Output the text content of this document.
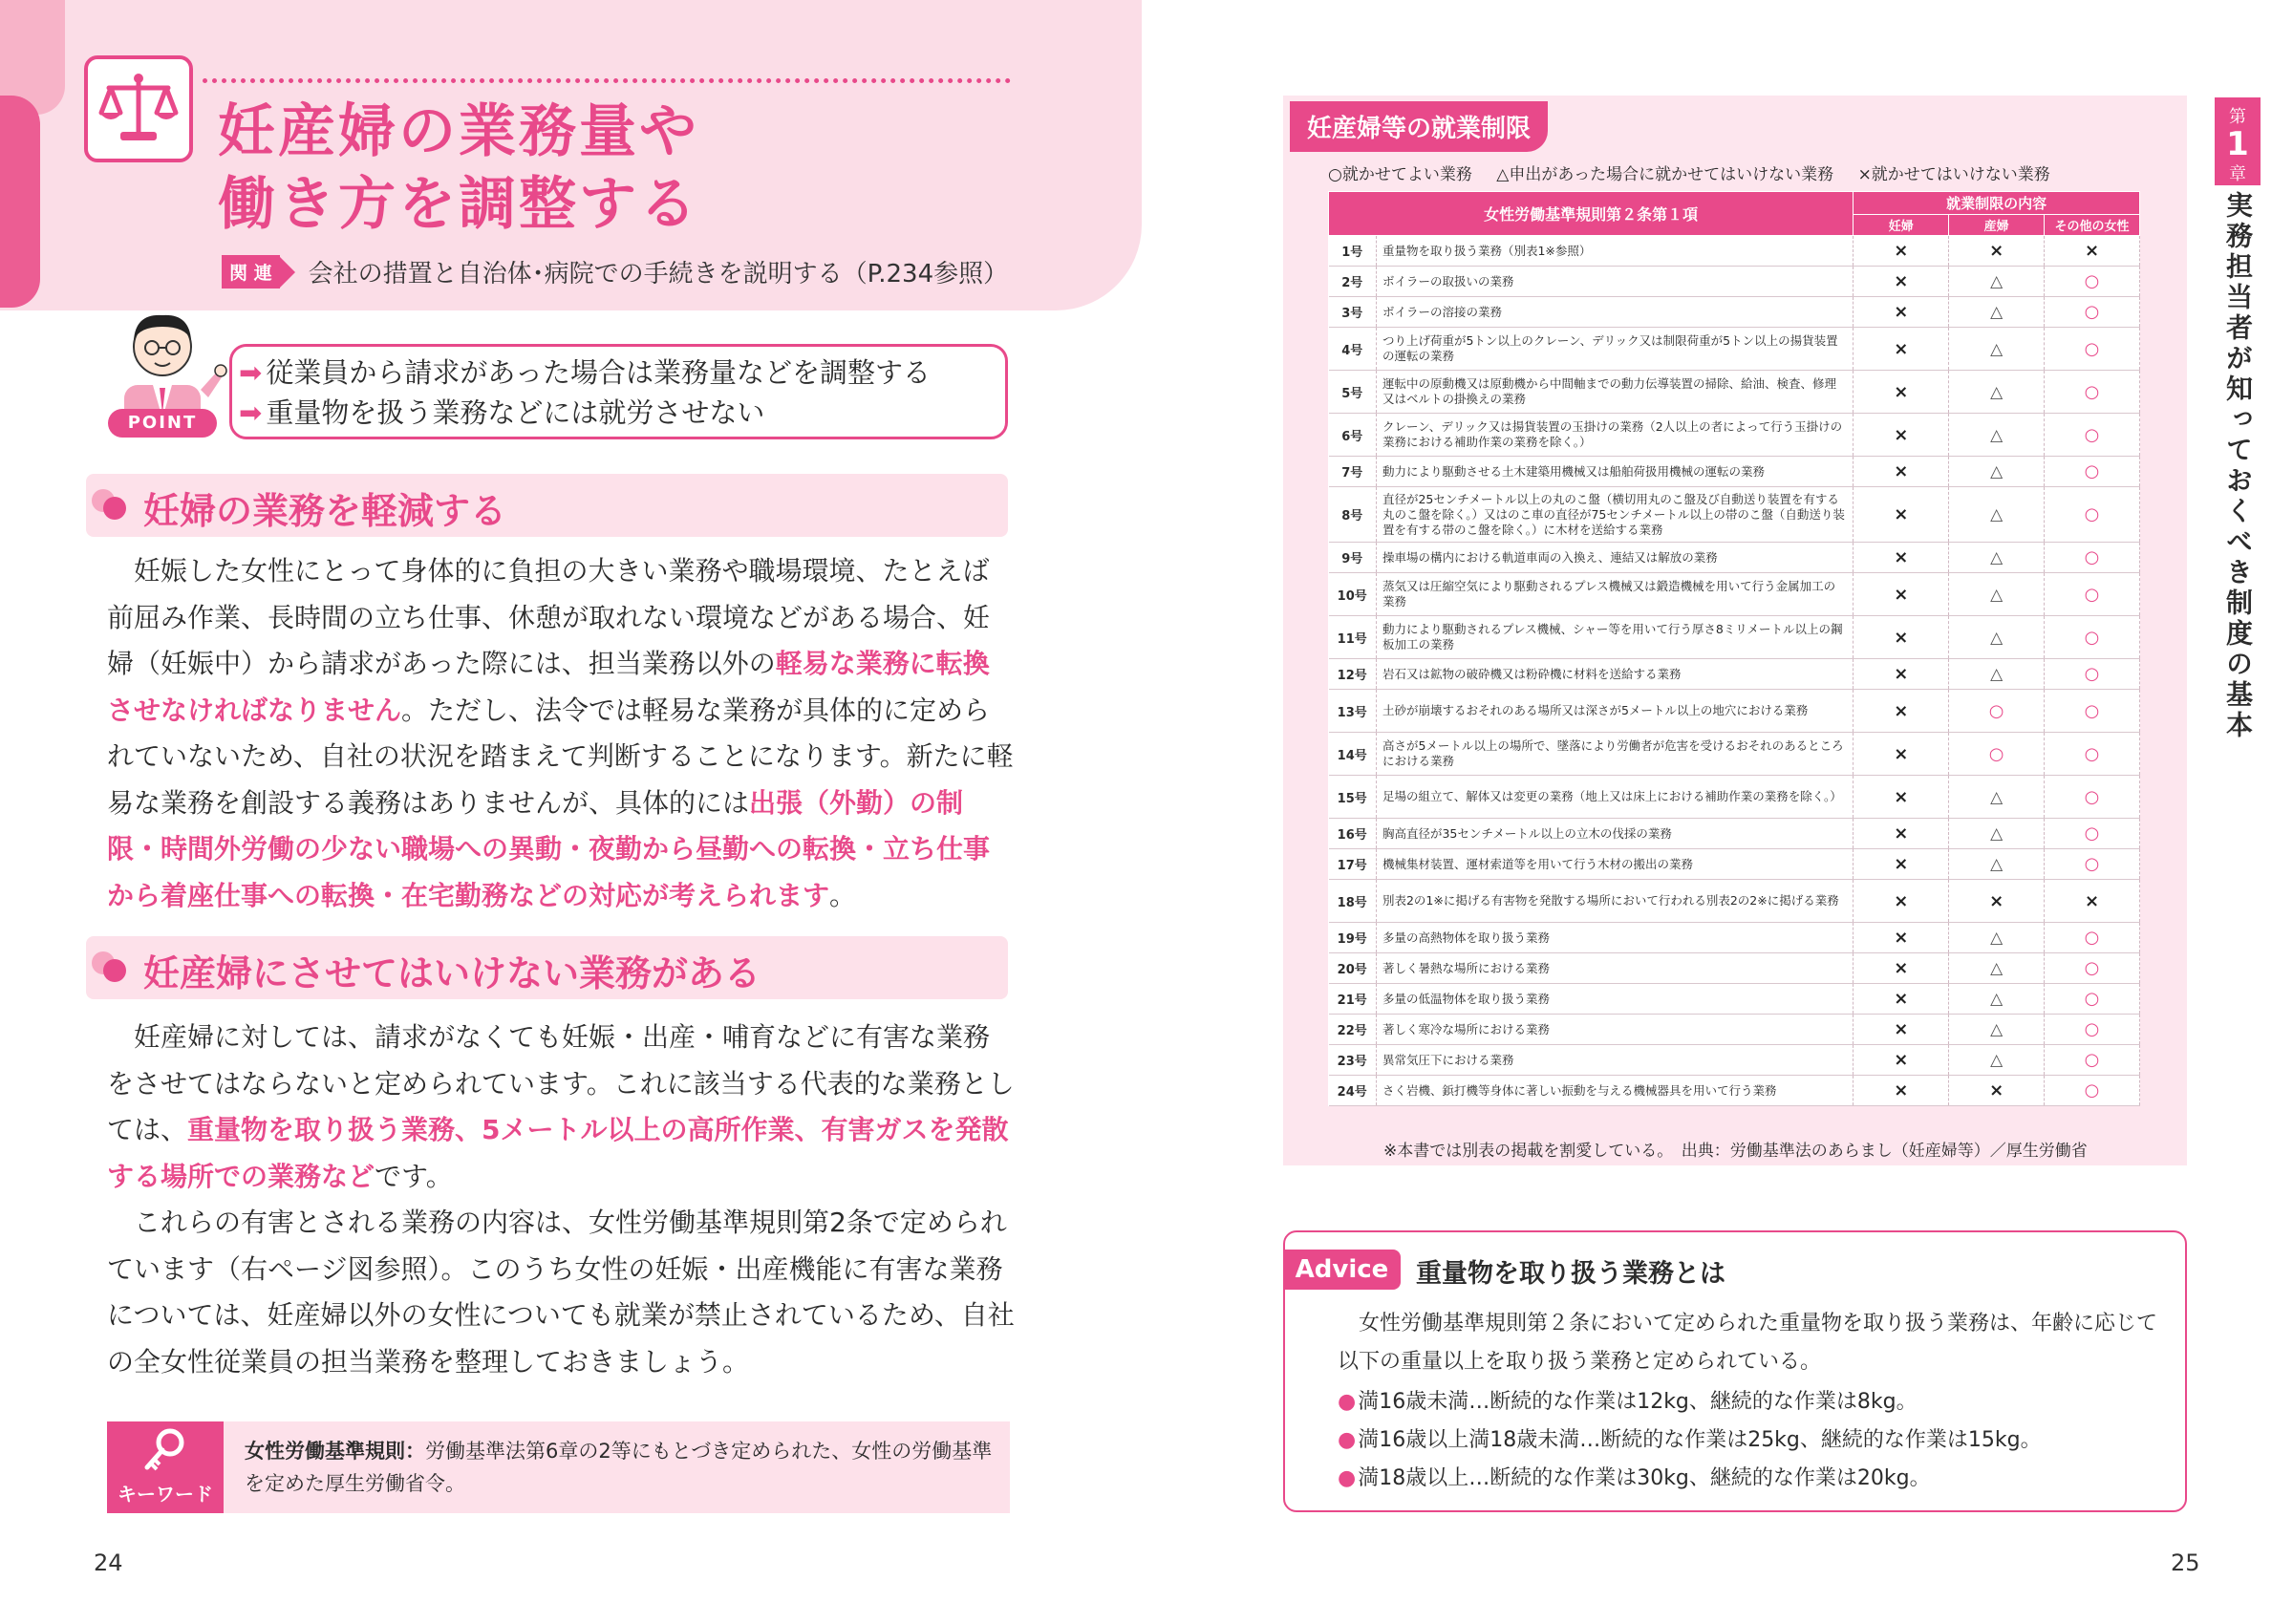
妊産婦の業務量や
働き方を調整する
関 連	会社の措置と自治体･病院での手続きを説明する（P.234参照）
POINT
➡ 従業員から請求があった場合は業務量などを調整する
➡ 重量物を扱う業務などには就労させない
妊婦の業務を軽減する
妊娠した女性にとって身体的に負担の大きい業務や職場環境、たとえば前屈み作業、長時間の立ち仕事、休憩が取れない環境などがある場合、妊婦（妊娠中）から請求があった際には、担当業務以外の軽易な業務に転換させなければなりません。ただし、法令では軽易な業務が具体的に定められていないため、自社の状況を踏まえて判断することになります。新たに軽易な業務を創設する義務はありませんが、具体的には出張（外勤）の制限・時間外労働の少ない職場への異動・夜勤から昼勤への転換・立ち仕事から着座仕事への転換・在宅勤務などの対応が考えられます。
妊産婦にさせてはいけない業務がある
妊産婦に対しては、請求がなくても妊娠・出産・哺育などに有害な業務をさせてはならないと定められています。これに該当する代表的な業務としては、重量物を取り扱う業務、5メートル以上の高所作業、有害ガスを発散する場所での業務などです。
これらの有害とされる業務の内容は、女性労働基準規則第2条で定められています（右ページ図参照）。このうち女性の妊娠・出産機能に有害な業務については、妊産婦以外の女性についても就業が禁止されているため、自社の全女性従業員の担当業務を整理しておきましょう。
キーワード
女性労働基準規則：労働基準法第6章の2等にもとづき定められた、女性の労働基準を定めた厚生労働省令。
24
第
1
章
実務担当者が知っておくべき制度の基本
妊産婦等の就業制限
○就かせてよい業務 △申出があった場合に就かせてはいけない業務 ×就かせてはいけない業務
女性労働基準規則第２条第１項		就業制限の内容		
		妊婦	産婦	その他の女性
1号	重量物を取り扱う業務（別表1※参照）	×	×	×
2号	ボイラーの取扱いの業務	×	△	○
3号	ボイラーの溶接の業務	×	△	○
4号	つり上げ荷重が5トン以上のクレーン、デリック又は制限荷重が5トン以上の揚貨装置の運転の業務	×	△	○
5号	運転中の原動機又は原動機から中間軸までの動力伝導装置の掃除、給油、検査、修理又はベルトの掛換えの業務	×	△	○
6号	クレーン、デリック又は揚貨装置の玉掛けの業務（2人以上の者によって行う玉掛けの業務における補助作業の業務を除く。）	×	△	○
7号	動力により駆動させる土木建築用機械又は船舶荷扱用機械の運転の業務	×	△	○
8号	直径が25センチメートル以上の丸のこ盤（横切用丸のこ盤及び自動送り装置を有する丸のこ盤を除く。）又はのこ車の直径が75センチメートル以上の帯のこ盤（自動送り装置を有する帯のこ盤を除く。）に木材を送給する業務	×	△	○
9号	操車場の構内における軌道車両の入換え、連結又は解放の業務	×	△	○
10号	蒸気又は圧縮空気により駆動されるプレス機械又は鍛造機械を用いて行う金属加工の業務	×	△	○
11号	動力により駆動されるプレス機械、シャー等を用いて行う厚さ8ミリメートル以上の鋼板加工の業務	×	△	○
12号	岩石又は鉱物の破砕機又は粉砕機に材料を送給する業務	×	△	○
13号	土砂が崩壊するおそれのある場所又は深さが5メートル以上の地穴における業務	×	○	○
14号	高さが5メートル以上の場所で、墜落により労働者が危害を受けるおそれのあるところにおける業務	×	○	○
15号	足場の組立て、解体又は変更の業務（地上又は床上における補助作業の業務を除く。）	×	△	○
16号	胸高直径が35センチメートル以上の立木の伐採の業務	×	△	○
17号	機械集材装置、運材索道等を用いて行う木材の搬出の業務	×	△	○
18号	別表2の1※に掲げる有害物を発散する場所において行われる別表2の2※に掲げる業務	×	×	×
19号	多量の高熱物体を取り扱う業務	×	△	○
20号	著しく暑熱な場所における業務	×	△	○
21号	多量の低温物体を取り扱う業務	×	△	○
22号	著しく寒冷な場所における業務	×	△	○
23号	異常気圧下における業務	×	△	○
24号	さく岩機、鋲打機等身体に著しい振動を与える機械器具を用いて行う業務	×	×	○
※本書では別表の掲載を割愛している。　出典：労働基準法のあらまし（妊産婦等）／厚生労働省
Advice	重量物を取り扱う業務とは
女性労働基準規則第２条において定められた重量物を取り扱う業務は、年齢に応じて以下の重量以上を取り扱う業務と定められている。
●満16歳未満…断続的な作業は12kg、継続的な作業は8kg。
●満16歳以上満18歳未満…断続的な作業は25kg、継続的な作業は15kg。
●満18歳以上…断続的な作業は30kg、継続的な作業は20kg。
25
